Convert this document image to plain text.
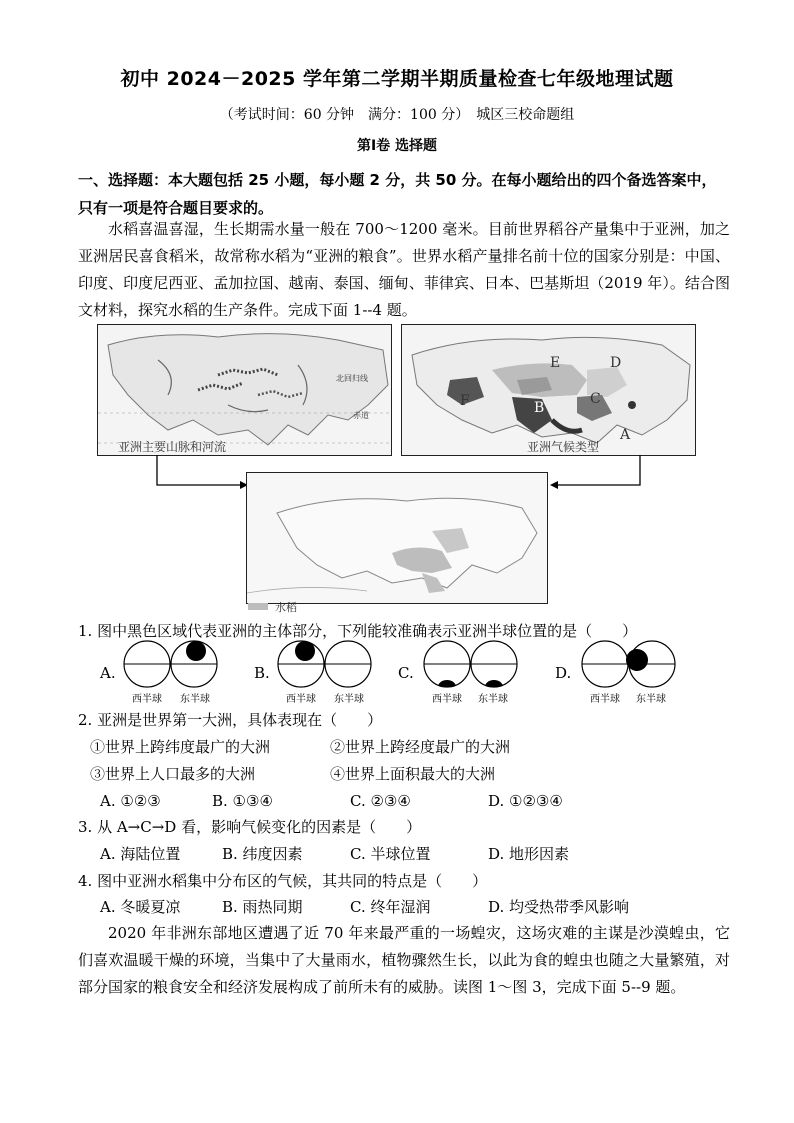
初中 2024－2025 学年第二学期半期质量检查七年级地理试题
（考试时间：60 分钟　满分：100 分）　城区三校命题组
第Ⅰ卷 选择题
一、选择题：本大题包括 25 小题，每小题 2 分，共 50 分。在每小题给出的四个备选答案中，只有一项是符合题目要求的。
水稻喜温喜湿，生长期需水量一般在 700～1200 毫米。目前世界稻谷产量集中于亚洲，加之亚洲居民喜食稻米，故常称水稻为“亚洲的粮食”。世界水稻产量排名前十位的国家分别是：中国、印度、印度尼西亚、孟加拉国、越南、泰国、缅甸、菲律宾、日本、巴基斯坦（2019 年）。结合图文材料，探究水稻的生产条件。完成下面 1--4 题。
北回归线
赤道
亚洲主要山脉和河流
E	D
F	B
C
A
亚洲气候类型
水稻
1. 图中黑色区域代表亚洲的主体部分，下列能较准确表示亚洲半球位置的是（　　）
A.
西半球 东半球
B.
西半球 东半球
C.
西半球 东半球
D.
西半球 东半球
2. 亚洲是世界第一大洲，具体表现在（　　）
①世界上跨纬度最广的大洲	②世界上跨经度最广的大洲
③世界上人口最多的大洲	④世界上面积最大的大洲
A. ①②③	B. ①③④	C. ②③④	D. ①②③④
3. 从 A→C→D 看，影响气候变化的因素是（　　）
A. 海陆位置	B. 纬度因素	C. 半球位置	D. 地形因素
4. 图中亚洲水稻集中分布区的气候，其共同的特点是（　　）
A. 冬暖夏凉	B. 雨热同期	C. 终年湿润	D. 均受热带季风影响
2020 年非洲东部地区遭遇了近 70 年来最严重的一场蝗灾，这场灾难的主谋是沙漠蝗虫，它们喜欢温暖干燥的环境，当集中了大量雨水，植物骤然生长，以此为食的蝗虫也随之大量繁殖，对部分国家的粮食安全和经济发展构成了前所未有的威胁。读图 1～图 3，完成下面 5--9 题。
